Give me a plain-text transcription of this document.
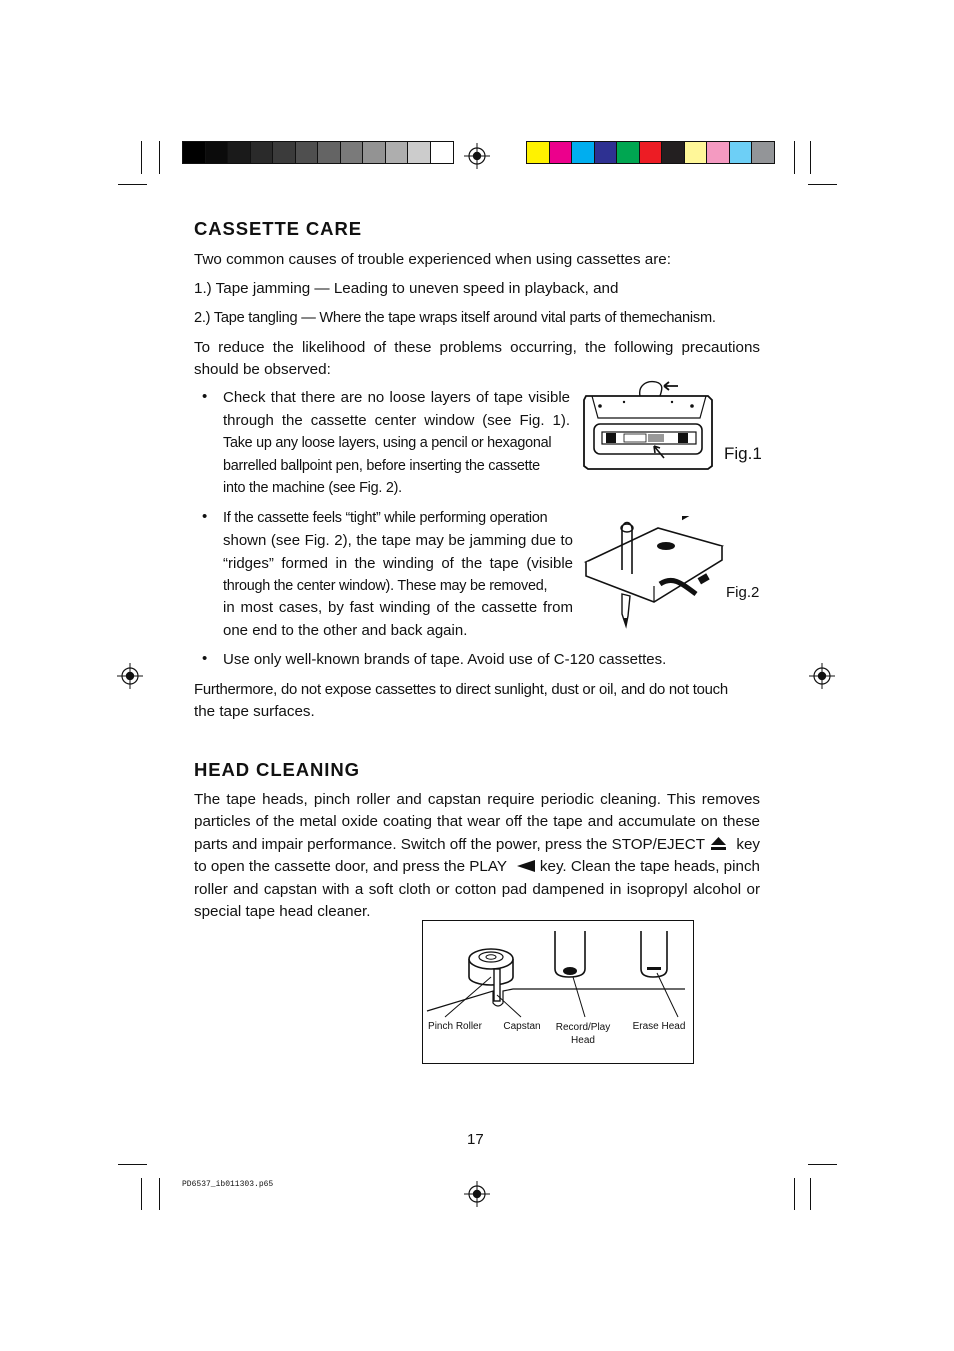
CASSETTE CARE

Two common causes of trouble experienced when using cassettes are:

1.) Tape jamming — Leading to uneven speed in playback, and

2.) Tape tangling — Where the tape wraps itself around vital parts of themechanism.

To reduce the likelihood of these problems occurring, the following precautions

should be observed:

• Check that there are no loose layers of tape visible

through the cassette center window (see Fig. 1).

Take up any loose layers, using a pencil or hexagonal

barrelled ballpoint pen, before inserting the cassette

into the machine (see Fig. 2).

Fig.1
• If the cassette feels “tight” while performing operation

shown (see Fig. 2), the tape may be jamming due to

“ridges” formed in the winding of the tape (visible

through the center window). These may be removed,

in most cases, by fast winding of the cassette from

one end to the other and back again.

Fig.2
• Use only well-known brands of tape. Avoid use of C-120 cassettes.

Furthermore, do not expose cassettes to direct sunlight, dust or oil, and do not touch

the tape surfaces.

HEAD CLEANING

The tape heads, pinch roller and capstan require periodic cleaning. This removes

particles of the metal oxide coating that wear off the tape and accumulate on these

parts and impair performance. Switch off the power, press the STOP/EJECT key
to open the cassette door, and press the PLAY key. Clean the tape heads, pinch

roller and capstan with a soft cloth or cotton pad dampened in isopropyl alcohol or

special tape head cleaner.

Pinch Roller	Capstan	Record/Play
Head
Erase Head
17
PD6537_ib011303.p65
